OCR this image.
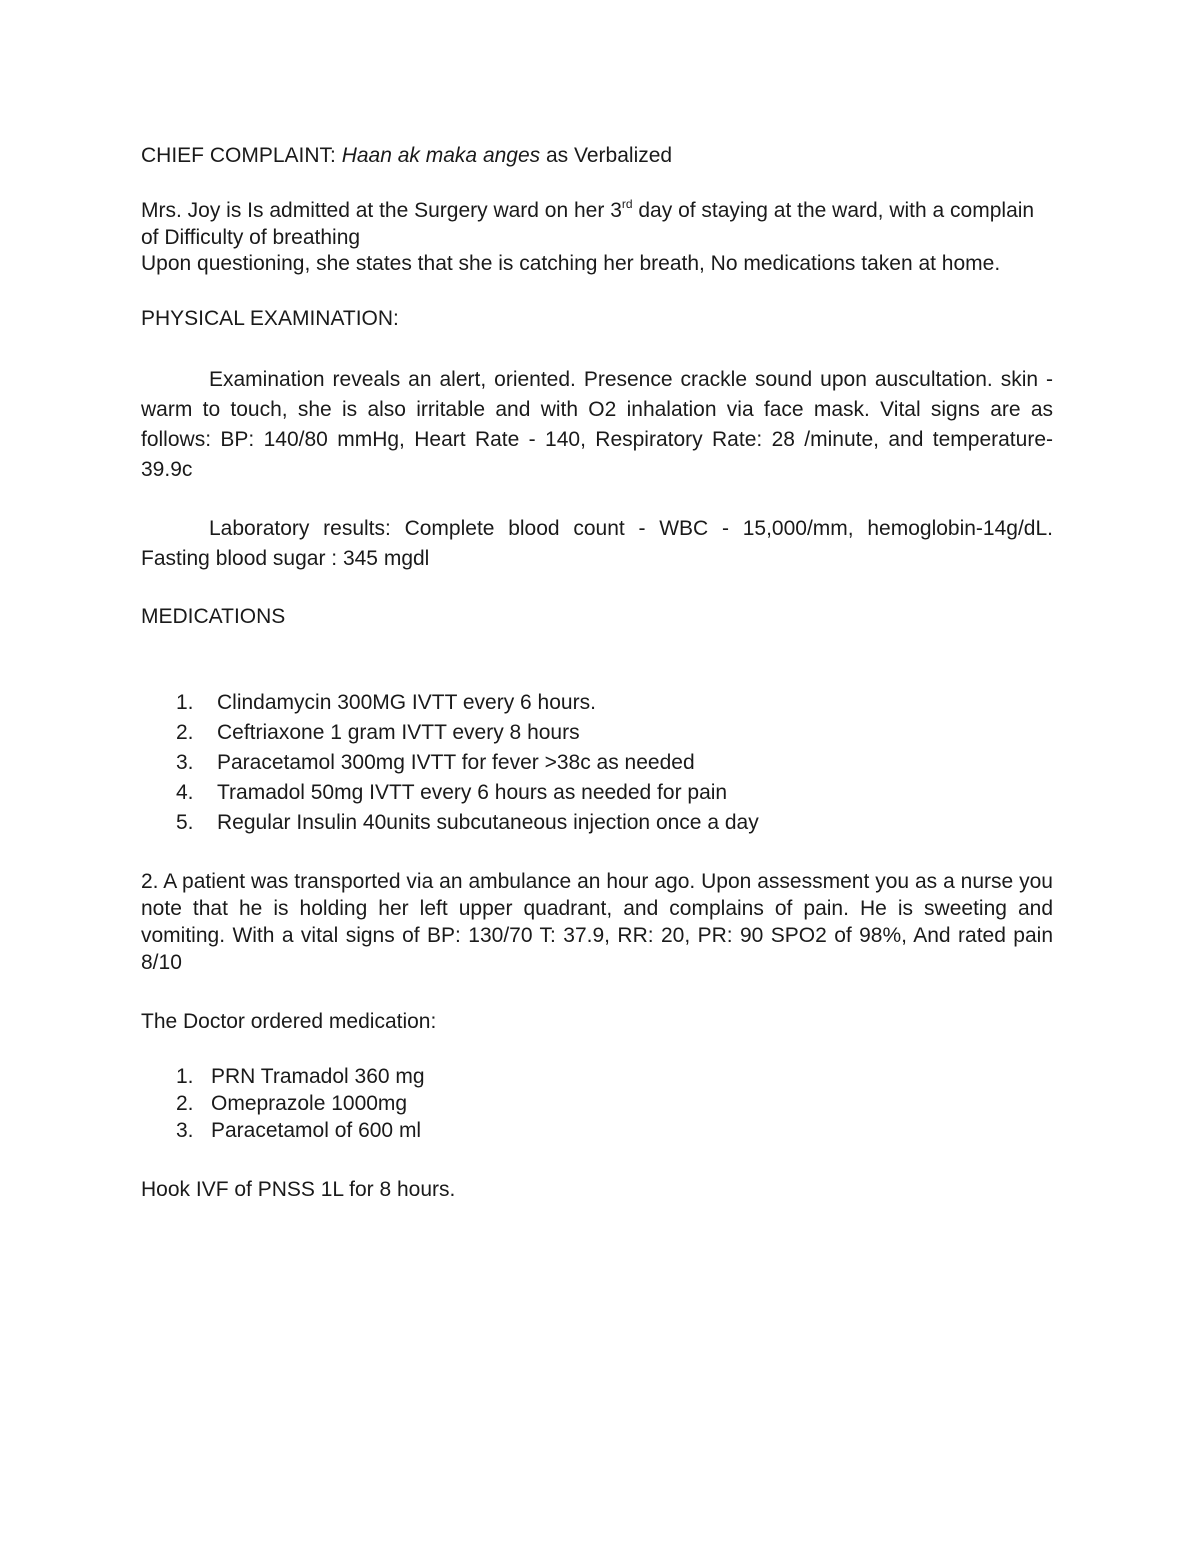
CHIEF COMPLAINT: Haan ak maka anges as Verbalized

Mrs. Joy is Is admitted at the Surgery ward on her 3rd day of staying at the ward, with a complain of Difficulty of breathing

Upon questioning, she states that she is catching her breath, No medications taken at home.

PHYSICAL EXAMINATION:

Examination reveals an alert, oriented. Presence crackle sound upon auscultation. skin -warm to touch, she is also irritable and with O2 inhalation via face mask. Vital signs are as follows: BP: 140/80 mmHg, Heart Rate - 140, Respiratory Rate: 28 /minute, and temperature- 39.9c

Laboratory results: Complete blood count - WBC - 15,000/mm, hemoglobin-14g/dL. Fasting blood sugar : 345 mgdl

MEDICATIONS

1.	Clindamycin 300MG IVTT every 6 hours.
2.	Ceftriaxone 1 gram IVTT every 8 hours
3.	Paracetamol 300mg IVTT for fever >38c as needed
4.	Tramadol 50mg IVTT every 6 hours as needed for pain
5.	Regular Insulin 40units subcutaneous injection once a day

2. A patient was transported via an ambulance an hour ago. Upon assessment you as a nurse you note that he is holding her left upper quadrant, and complains of pain. He is sweeting and vomiting. With a vital signs of BP: 130/70 T: 37.9, RR: 20, PR: 90 SPO2 of 98%, And rated pain 8/10

The Doctor ordered medication:

1. PRN Tramadol 360 mg
2. Omeprazole 1000mg
3. Paracetamol of 600 ml

Hook IVF of PNSS 1L for 8 hours.
